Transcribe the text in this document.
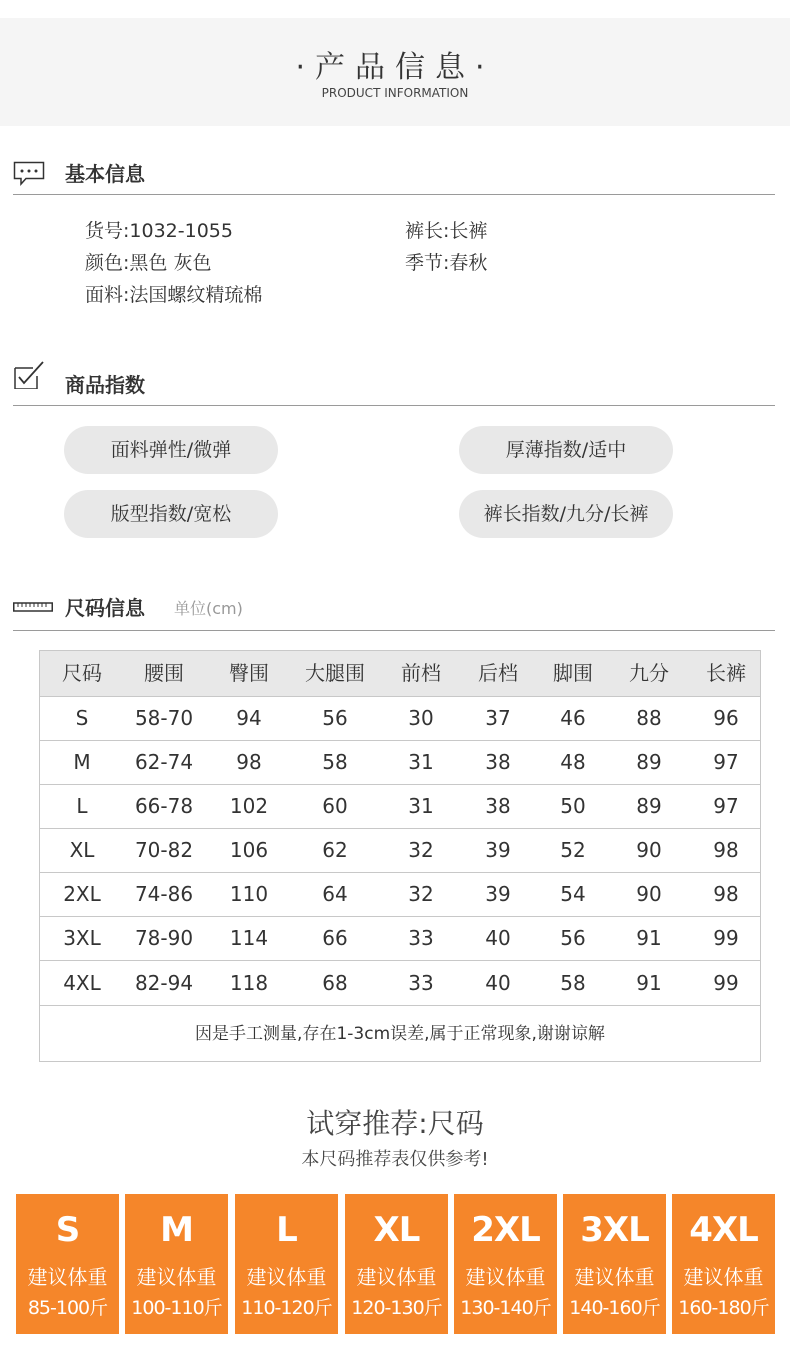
·产品信息·
PRODUCT INFORMATION
基本信息
货号:1032-1055
颜色:黑色 灰色
面料:法国螺纹精琉棉
裤长:长裤
季节:春秋
商品指数
面料弹性/微弹	厚薄指数/适中
版型指数/宽松	裤长指数/九分/长裤
尺码信息 单位(cm)
尺码	腰围	臀围	大腿围	前档	后档	脚围	九分	长裤
S	58-70	94	56	30	37	46	88	96
M	62-74	98	58	31	38	48	89	97
L	66-78	102	60	31	38	50	89	97
XL	70-82	106	62	32	39	52	90	98
2XL	74-86	110	64	32	39	54	90	98
3XL	78-90	114	66	33	40	56	91	99
4XL	82-94	118	68	33	40	58	91	99
因是手工测量,存在1-3cm误差,属于正常现象,谢谢谅解
试穿推荐:尺码
本尺码推荐表仅供参考!
S
建议体重
85-100斤
M
建议体重
100-110斤
L
建议体重
110-120斤
XL
建议体重
120-130斤
2XL
建议体重
130-140斤
3XL
建议体重
140-160斤
4XL
建议体重
160-180斤
